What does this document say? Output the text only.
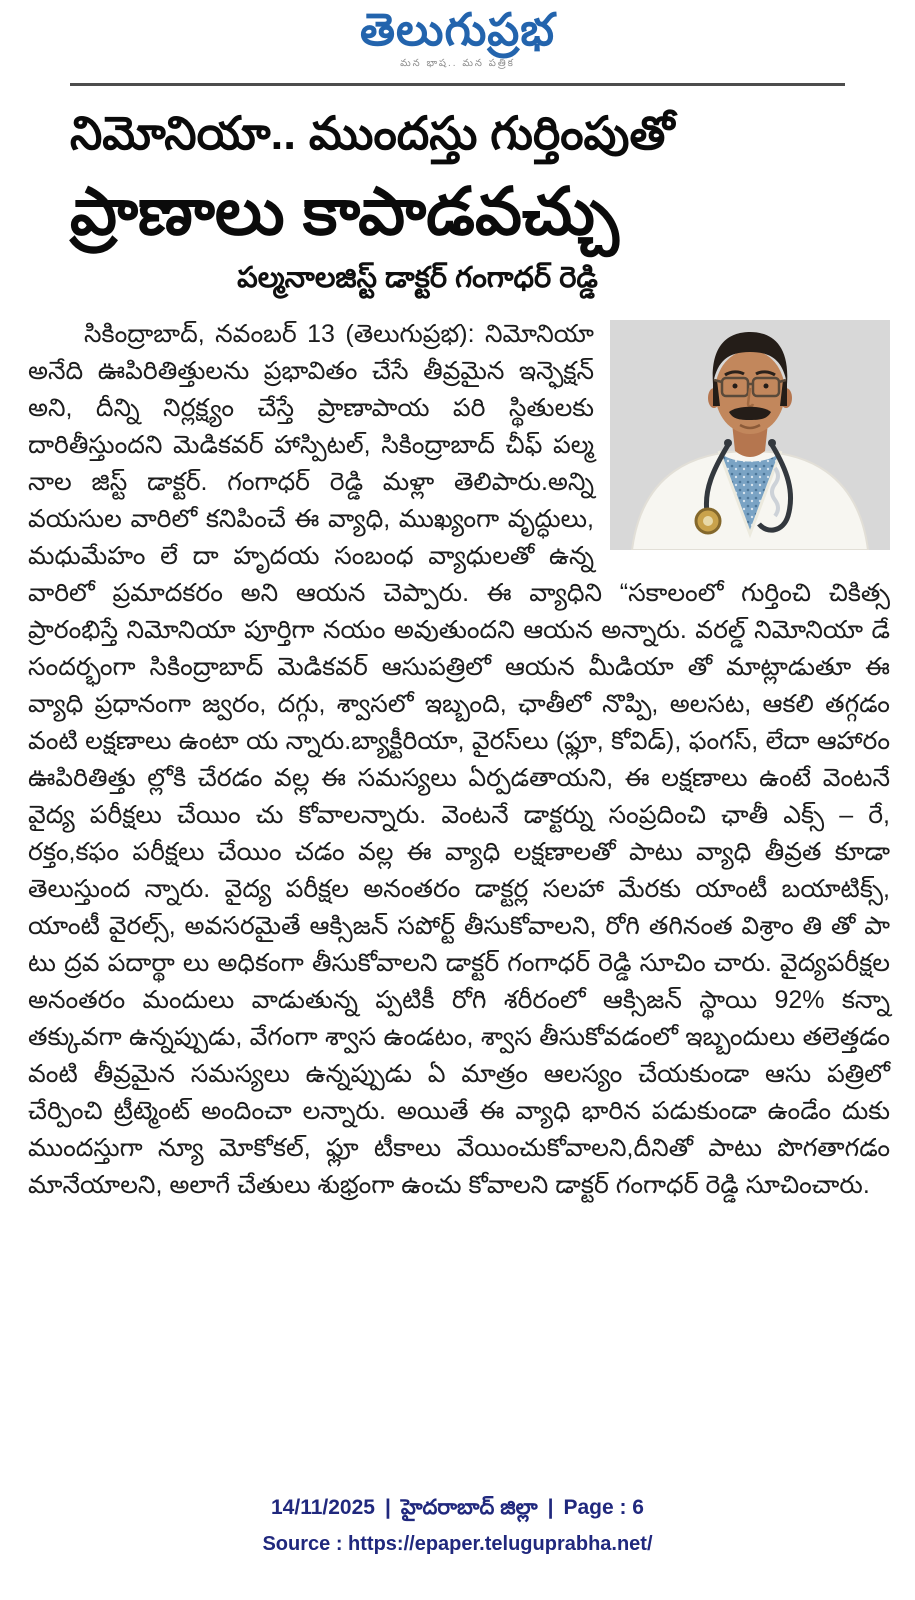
తెలుగుప్రభ
మన భాష.. మన పత్రిక
నిమోనియా.. ముందస్తు గుర్తింపుతో
ప్రాణాలు కాపాడవచ్చు
పల్మనాలజిస్ట్ డాక్టర్ గంగాధర్ రెడ్డి
సికింద్రాబాద్, నవంబర్ 13 (తెలుగుప్రభ): నిమోనియా అనేది ఊపిరితిత్తులను ప్రభావితం చేసే తీవ్రమైన ఇన్ఫెక్షన్ అని, దీన్ని నిర్లక్ష్యం చేస్తే ప్రాణాపాయ పరి స్థితులకు దారితీస్తుందని మెడికవర్ హాస్పిటల్, సికింద్రాబాద్ చీఫ్ పల్మ నాల జిస్ట్ డాక్టర్. గంగాధర్ రెడ్డి మళ్లా తెలిపారు.అన్ని వయసుల వారిలో కనిపించే ఈ వ్యాధి, ముఖ్యంగా వృద్ధులు, మధుమేహం లే దా హృదయ సంబంధ వ్యాధులతో ఉన్న వారిలో ప్రమాదకరం అని ఆయన చెప్పారు. ఈ వ్యాధిని “సకాలంలో గుర్తించి చికిత్స ప్రారంభిస్తే నిమోనియా పూర్తిగా నయం అవుతుందని ఆయన అన్నారు. వరల్డ్ నిమోనియా డే సందర్భంగా సికింద్రాబాద్ మెడికవర్ ఆసుపత్రిలో ఆయన మీడియా తో మాట్లాడుతూ ఈ వ్యాధి ప్రధానంగా జ్వరం, దగ్గు, శ్వాసలో ఇబ్బంది, ఛాతీలో నొప్పి, అలసట, ఆకలి తగ్గడం వంటి లక్షణాలు ఉంటా య న్నారు.బ్యాక్టీరియా, వైరస్‌లు (ఫ్లూ, కోవిడ్), ఫంగస్, లేదా ఆహారం ఊపిరితిత్తు ల్లోకి చేరడం వల్ల ఈ సమస్యలు ఏర్పడతాయని, ఈ లక్షణాలు ఉంటే వెంటనే వైద్య పరీక్షలు చేయిం చు కోవాలన్నారు. వెంటనే డాక్టర్ను సంప్రదించి ఛాతీ ఎక్స్ – రే, రక్తం,కఫం పరీక్షలు చేయిం చడం వల్ల ఈ వ్యాధి లక్షణాలతో పాటు వ్యాధి తీవ్రత కూడా తెలుస్తుంద న్నారు. వైద్య పరీక్షల అనంతరం డాక్టర్ల సలహా మేరకు యాంటీ బయాటిక్స్, యాంటీ వైరల్స్, అవసరమైతే ఆక్సిజన్ సపోర్ట్ తీసుకోవాలని, రోగి తగినంత విశ్రాం తి తో పా టు ద్రవ పదార్థా లు అధికంగా తీసుకోవాలని డాక్టర్ గంగాధర్ రెడ్డి సూచిం చారు. వైద్యపరీక్షల అనంతరం మందులు వాడుతున్న ప్పటికీ రోగి శరీరంలో ఆక్సిజన్ స్థాయి 92% కన్నా తక్కువగా ఉన్నప్పుడు, వేగంగా శ్వాస ఉండటం, శ్వాస తీసుకోవడంలో ఇబ్బందులు తలెత్తడం వంటి తీవ్రమైన సమస్యలు ఉన్నప్పుడు ఏ మాత్రం ఆలస్యం చేయకుండా ఆసు పత్రిలో చేర్పించి ట్రీట్మెంట్ అందించా లన్నారు. అయితే ఈ వ్యాధి భారిన పడుకుండా ఉండేం దుకు ముందస్తుగా న్యూ మోకోకల్, ఫ్లూ టీకాలు వేయించుకోవాలని,దీనితో పాటు పొగతాగడం మానేయాలని, అలాగే చేతులు శుభ్రంగా ఉంచు కోవాలని డాక్టర్ గంగాధర్ రెడ్డి సూచించారు.
14/11/2025 | హైదరాబాద్ జిల్లా | Page : 6
Source : https://epaper.teluguprabha.net/
